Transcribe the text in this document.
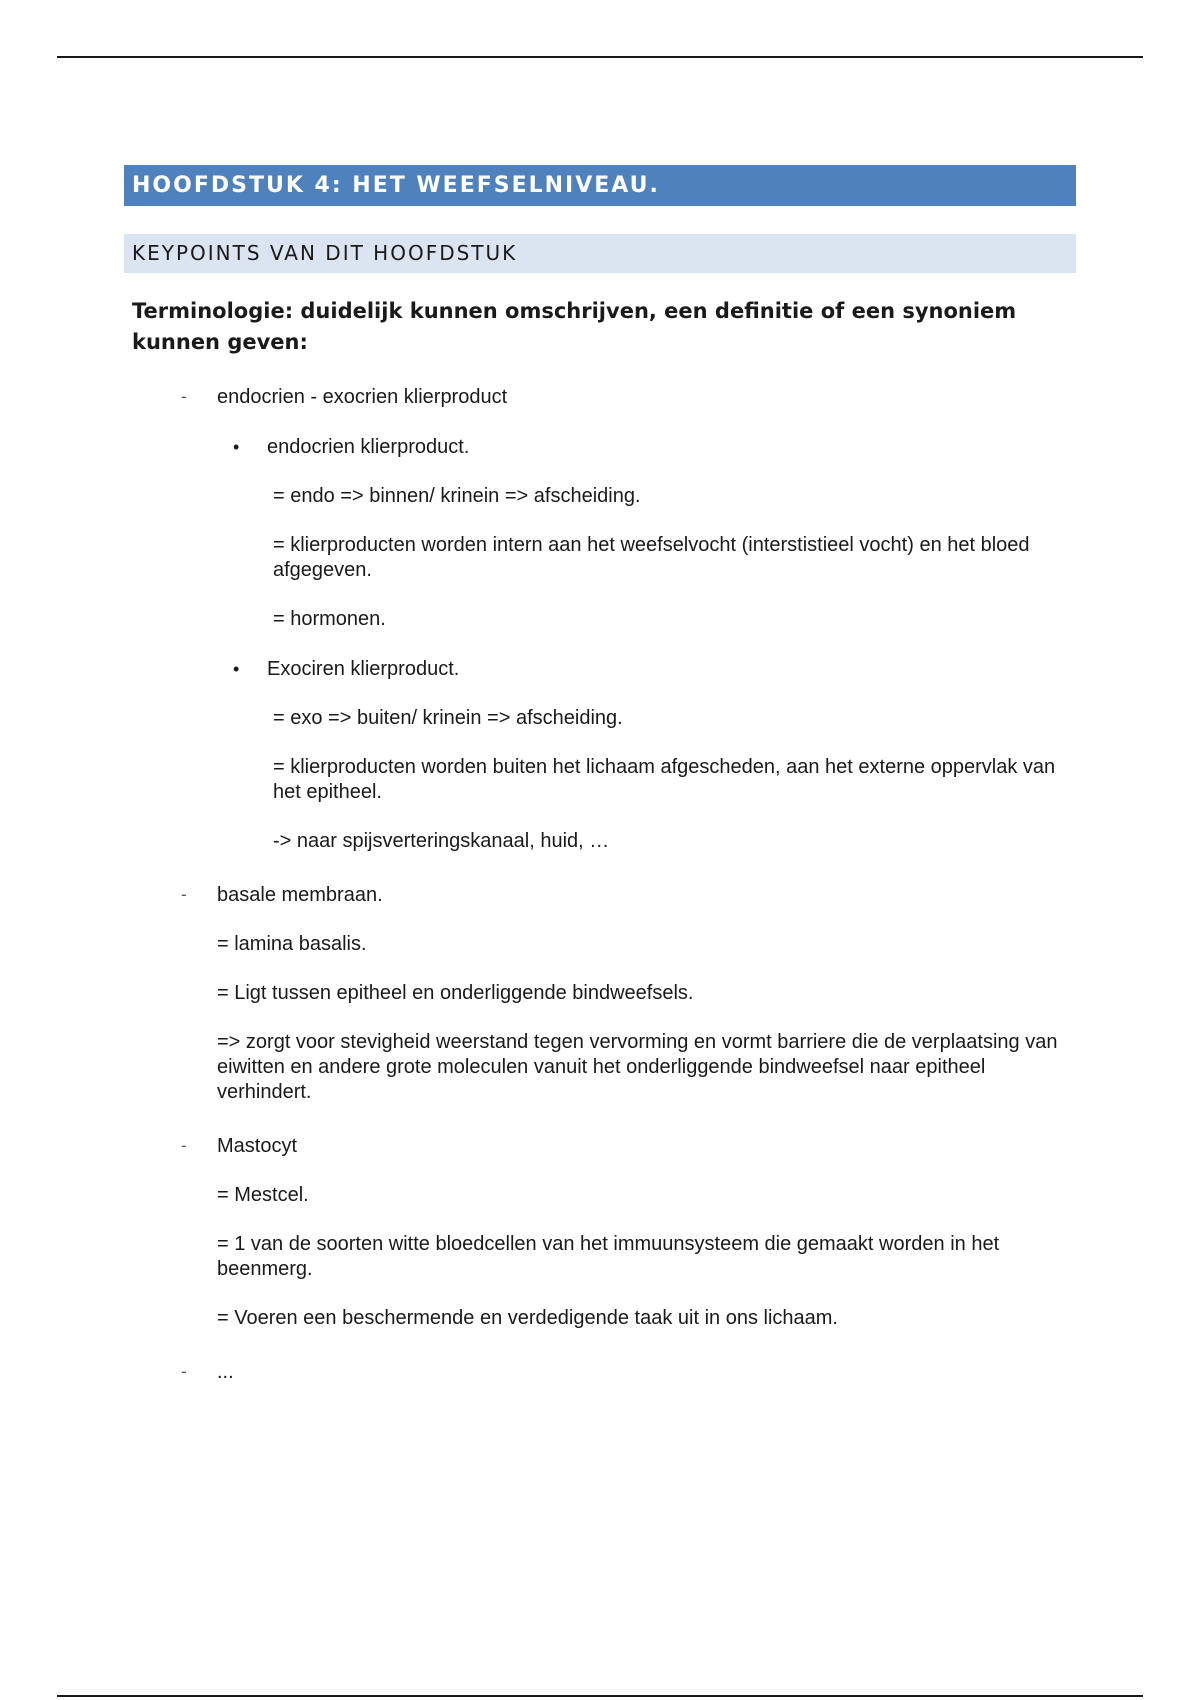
HOOFDSTUK 4: HET WEEFSELNIVEAU.
KEYPOINTS VAN DIT HOOFDSTUK
Terminologie: duidelijk kunnen omschrijven, een definitie of een synoniem kunnen geven:
- endocrien - exocrien klierproduct
• endocrien klierproduct.
= endo => binnen/ krinein => afscheiding.
= klierproducten worden intern aan het weefselvocht (interstistieel vocht) en het bloed afgegeven.
= hormonen.
• Exociren klierproduct.
= exo => buiten/ krinein => afscheiding.
= klierproducten worden buiten het lichaam afgescheden, aan het externe oppervlak van het epitheel.
-> naar spijsverteringskanaal, huid, …
- basale membraan.
= lamina basalis.
= Ligt tussen epitheel en onderliggende bindweefsels.
=> zorgt voor stevigheid weerstand tegen vervorming en vormt barriere die de verplaatsing van eiwitten en andere grote moleculen vanuit het onderliggende bindweefsel naar epitheel verhindert.
- Mastocyt
= Mestcel.
= 1 van de soorten witte bloedcellen van het immuunsysteem die gemaakt worden in het beenmerg.
= Voeren een beschermende en verdedigende taak uit in ons lichaam.
- ...
